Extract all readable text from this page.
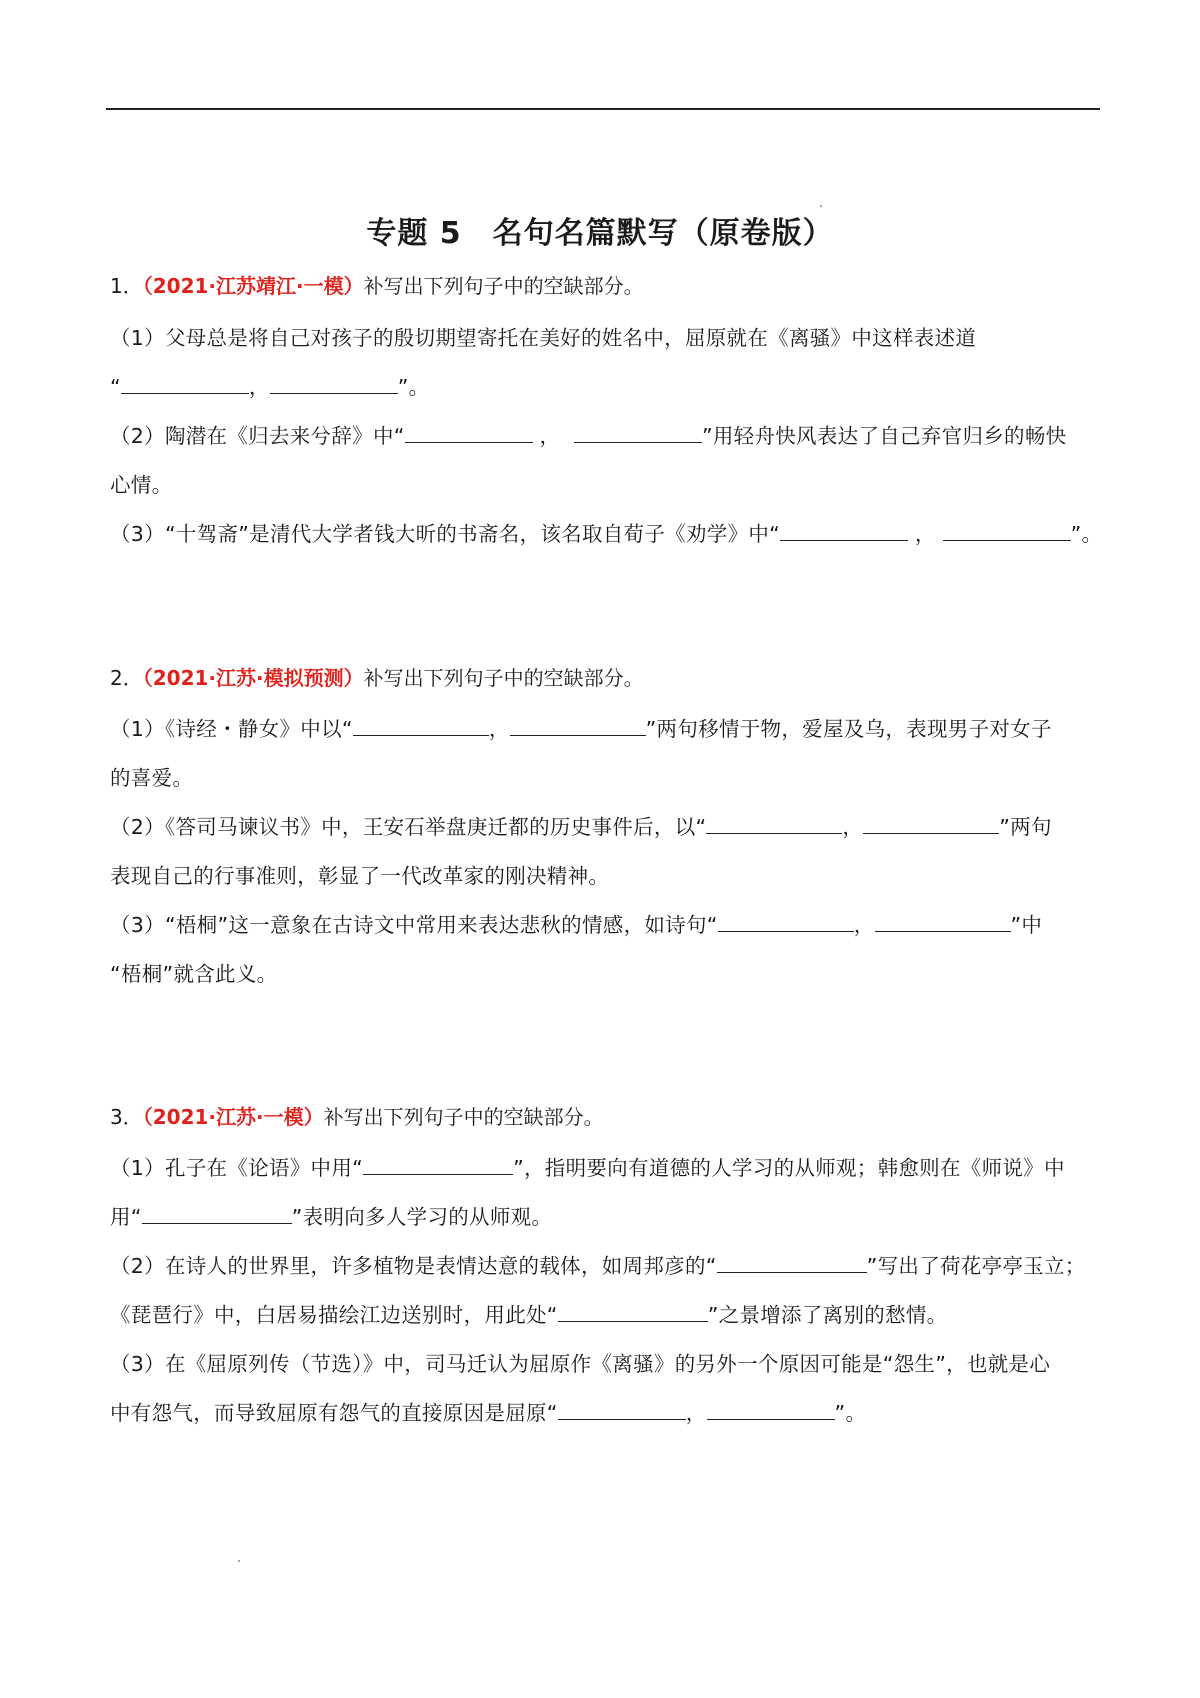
专题 5　名句名篇默写（原卷版）
1．（2021·江苏靖江·一模）补写出下列句子中的空缺部分。
（1）父母总是将自己对孩子的殷切期望寄托在美好的姓名中，屈原就在《离骚》中这样表述道
“	，	”。
（2）陶潜在《归去来兮辞》中“	，	”用轻舟快风表达了自己弃官归乡的畅快
心情。
（3）“十驾斋”是清代大学者钱大昕的书斋名，该名取自荀子《劝学》中“	，	”。
2．（2021·江苏·模拟预测）补写出下列句子中的空缺部分。
（1）《诗经・静女》中以“	，	”两句移情于物，爱屋及乌，表现男子对女子
的喜爱。
（2）《答司马谏议书》中，王安石举盘庚迁都的历史事件后，以“	，	”两句
表现自己的行事准则，彰显了一代改革家的刚决精神。
（3）“梧桐”这一意象在古诗文中常用来表达悲秋的情感，如诗句“	，	”中
“梧桐”就含此义。
3．（2021·江苏·一模）补写出下列句子中的空缺部分。
（1）孔子在《论语》中用“	”，指明要向有道德的人学习的从师观；韩愈则在《师说》中
用“	”表明向多人学习的从师观。
（2）在诗人的世界里，许多植物是表情达意的载体，如周邦彦的“	”写出了荷花亭亭玉立；
《琵琶行》中，白居易描绘江边送别时，用此处“	”之景增添了离别的愁情。
（3）在《屈原列传（节选）》中，司马迁认为屈原作《离骚》的另外一个原因可能是“怨生”，也就是心
中有怨气，而导致屈原有怨气的直接原因是屈原“	，	”。
